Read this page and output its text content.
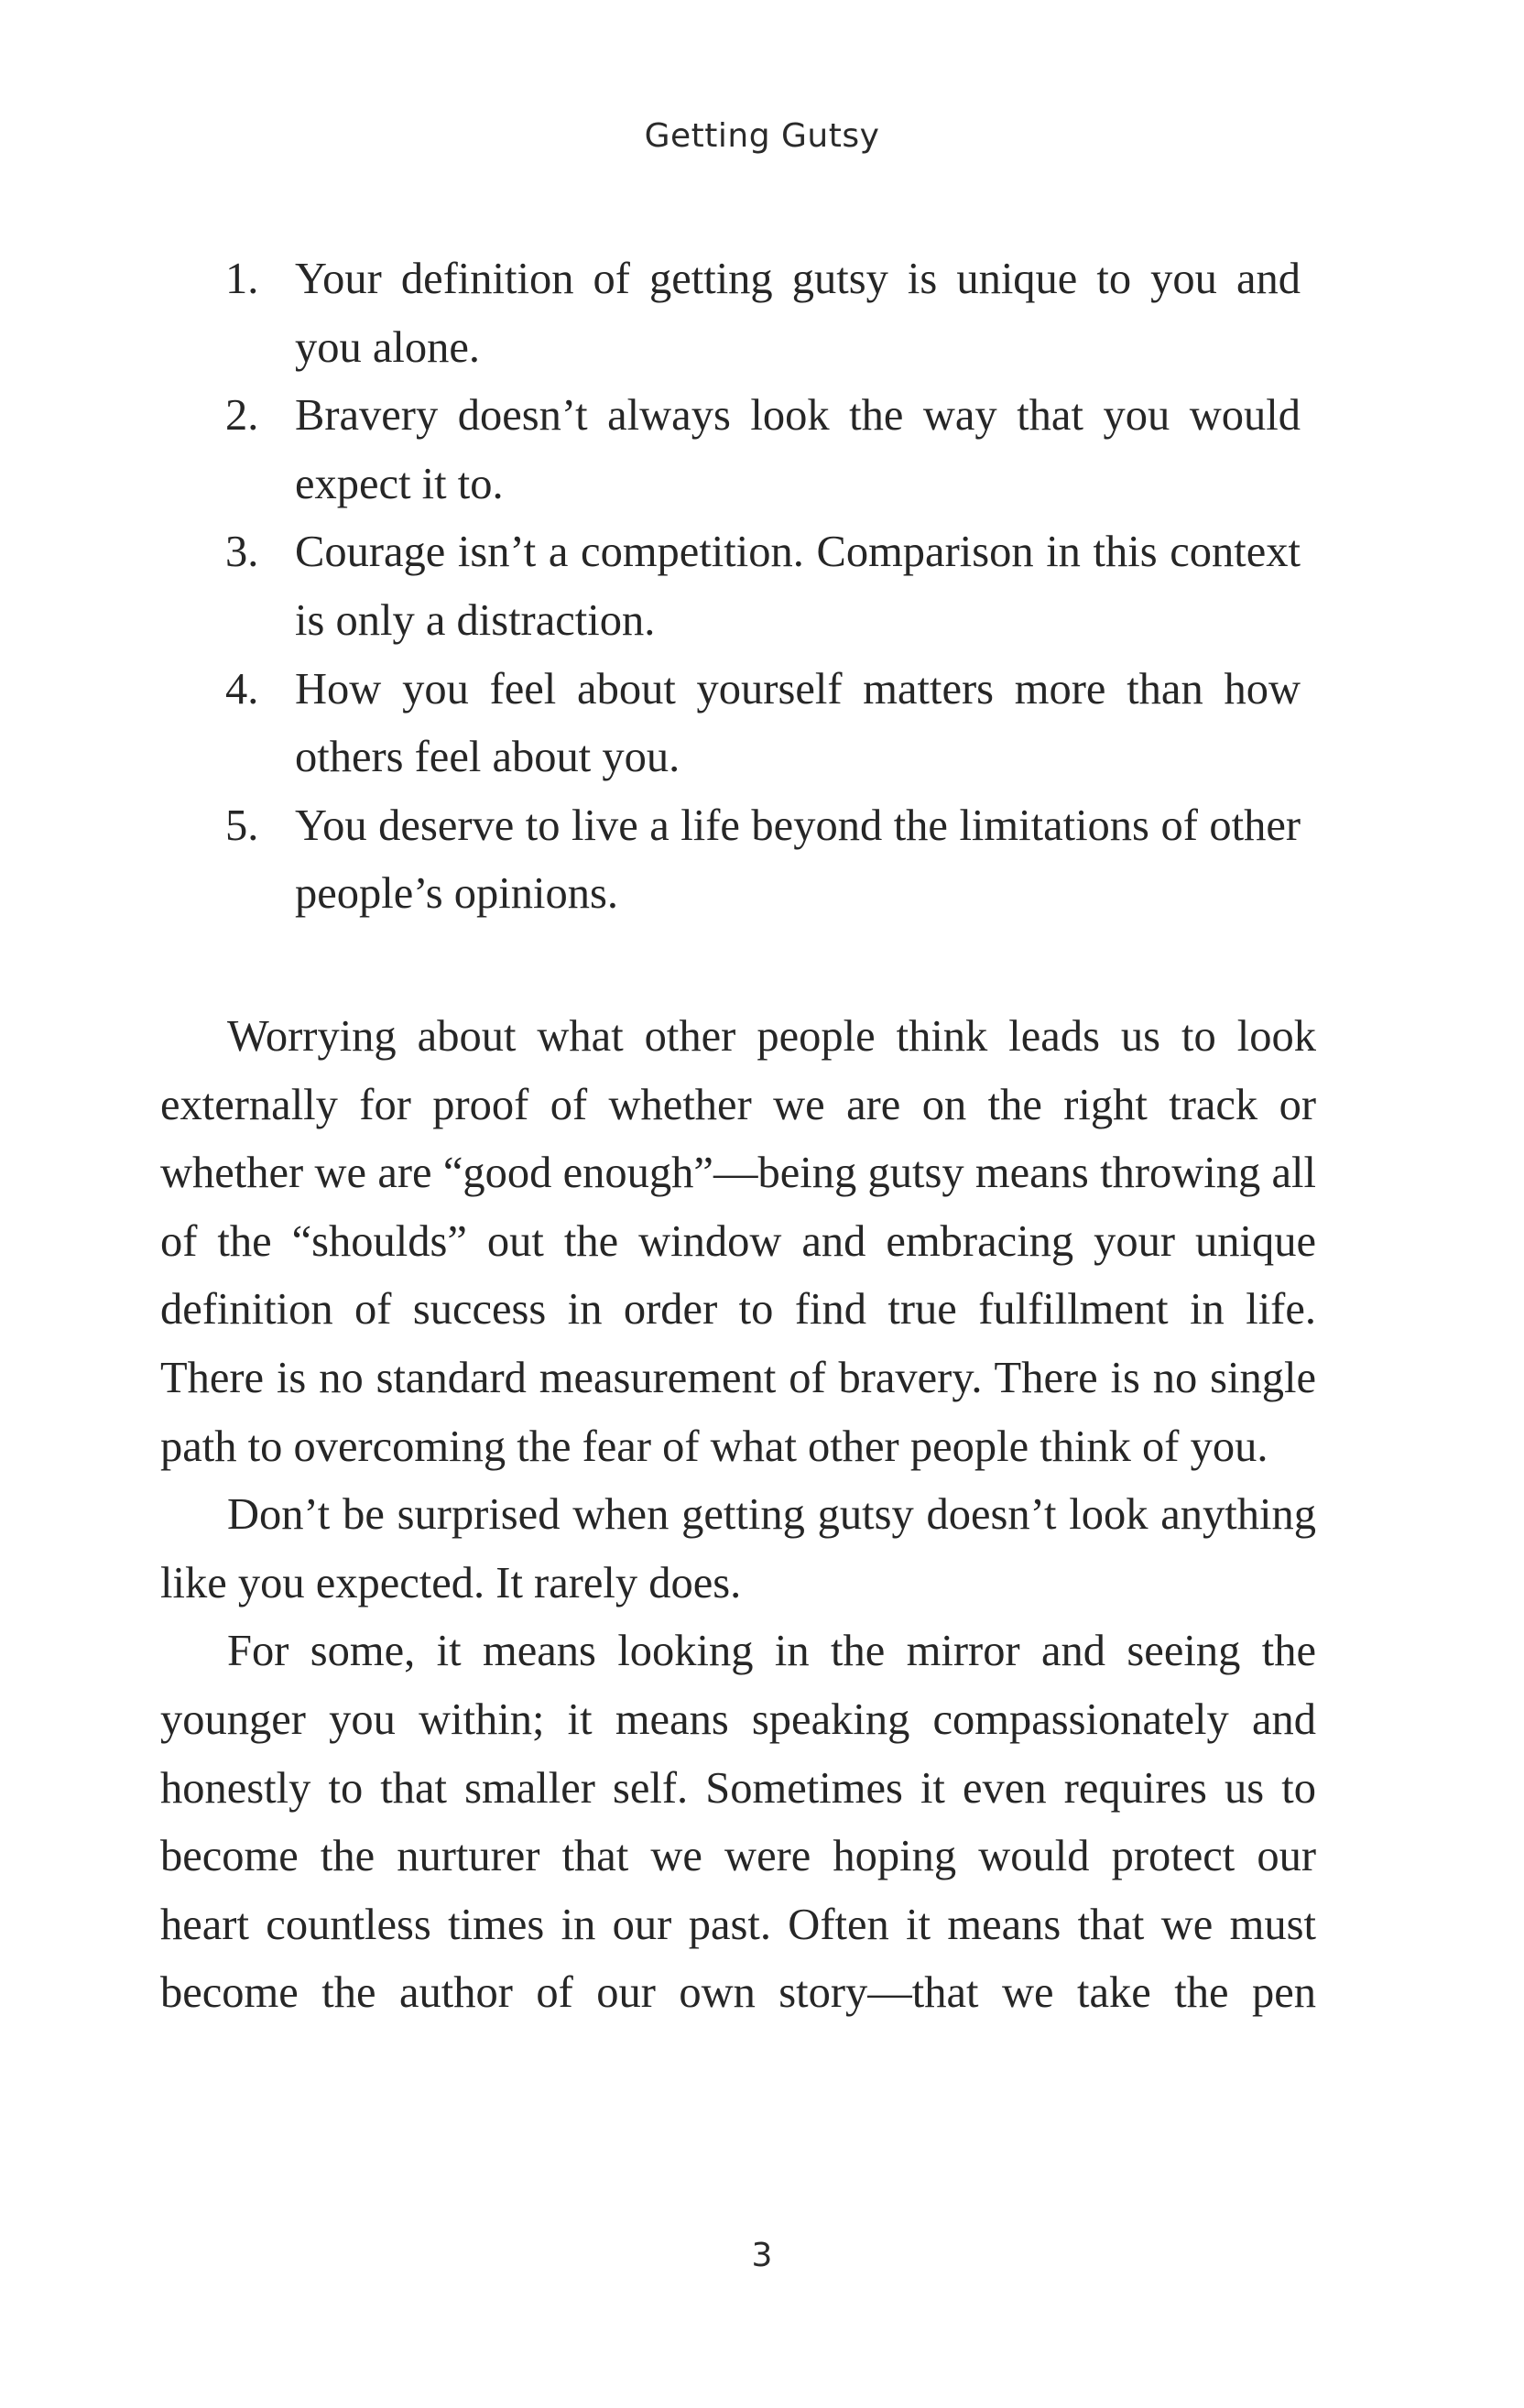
Getting Gutsy
1. Your definition of getting gutsy is unique to you and you alone.
2. Bravery doesn’t always look the way that you would expect it to.
3. Courage isn’t a competition. Comparison in this context is only a distraction.
4. How you feel about yourself matters more than how others feel about you.
5. You deserve to live a life beyond the limitations of other people’s opinions.

Worrying about what other people think leads us to look externally for proof of whether we are on the right track or whether we are “good enough”—being gutsy means throwing all of the “shoulds” out the window and embracing your unique definition of success in order to find true fulfillment in life. There is no standard measurement of bravery. There is no single path to overcoming the fear of what other people think of you.

Don’t be surprised when getting gutsy doesn’t look anything like you expected. It rarely does.

For some, it means looking in the mirror and seeing the younger you within; it means speaking compassionately and honestly to that smaller self. Sometimes it even requires us to become the nurturer that we were hoping would protect our heart countless times in our past. Often it means that we must become the author of our own story—that we take the pen

3
